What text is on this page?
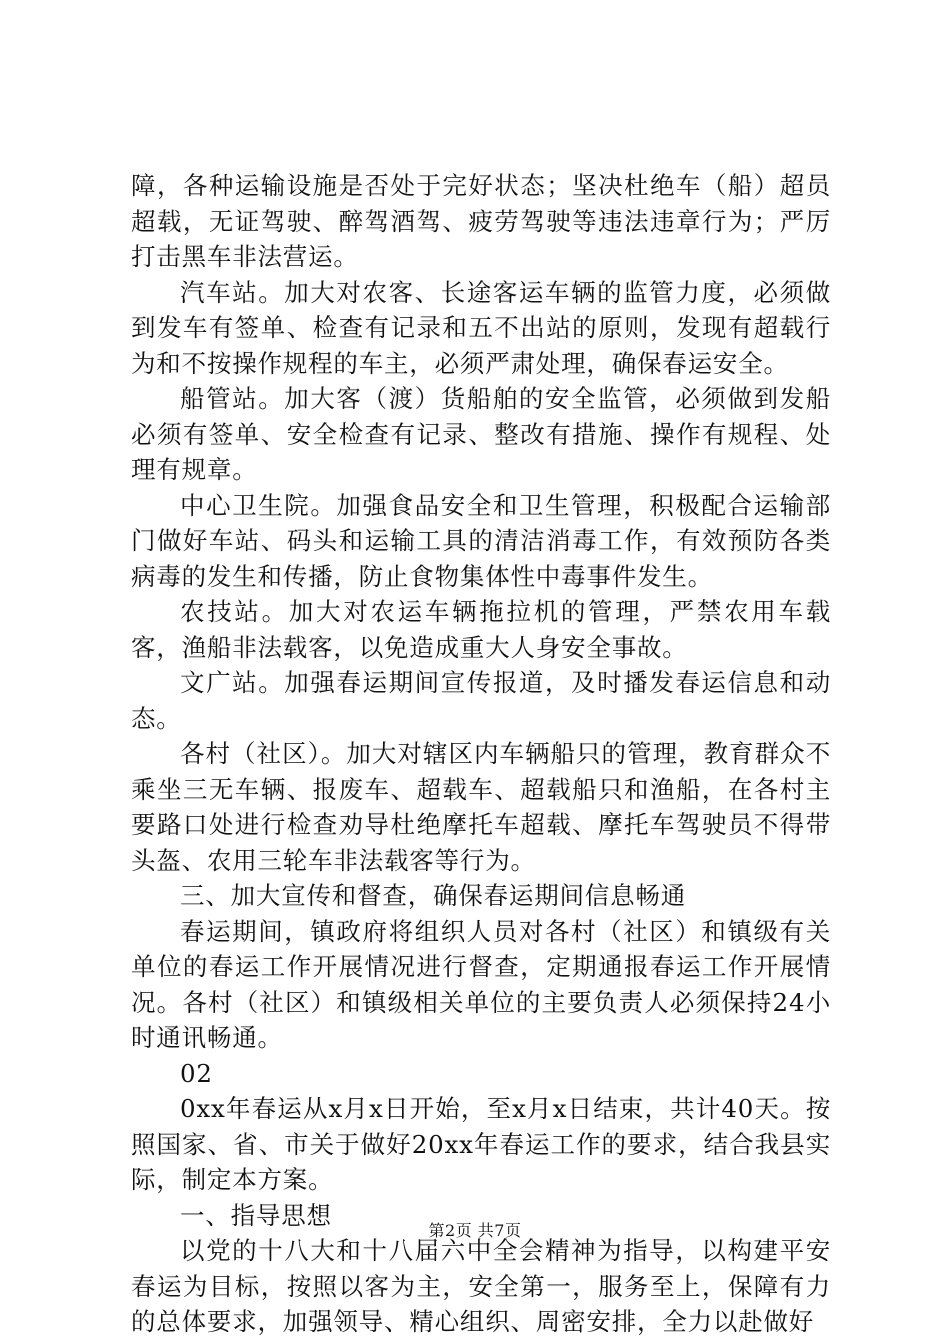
障，各种运输设施是否处于完好状态；坚决杜绝车（船）超员超载，无证驾驶、醉驾酒驾、疲劳驾驶等违法违章行为；严厉打击黑车非法营运。

汽车站。加大对农客、长途客运车辆的监管力度，必须做到发车有签单、检查有记录和五不出站的原则，发现有超载行为和不按操作规程的车主，必须严肃处理，确保春运安全。

船管站。加大客（渡）货船舶的安全监管，必须做到发船必须有签单、安全检查有记录、整改有措施、操作有规程、处理有规章。

中心卫生院。加强食品安全和卫生管理，积极配合运输部门做好车站、码头和运输工具的清洁消毒工作，有效预防各类病毒的发生和传播，防止食物集体性中毒事件发生。

农技站。加大对农运车辆拖拉机的管理，严禁农用车载客，渔船非法载客，以免造成重大人身安全事故。

文广站。加强春运期间宣传报道，及时播发春运信息和动态。

各村（社区）。加大对辖区内车辆船只的管理，教育群众不乘坐三无车辆、报废车、超载车、超载船只和渔船，在各村主要路口处进行检查劝导杜绝摩托车超载、摩托车驾驶员不得带头盔、农用三轮车非法载客等行为。

三、加大宣传和督查，确保春运期间信息畅通

春运期间，镇政府将组织人员对各村（社区）和镇级有关单位的春运工作开展情况进行督查，定期通报春运工作开展情况。各村（社区）和镇级相关单位的主要负责人必须保持24小时通讯畅通。

02

0xx年春运从x月x日开始，至x月x日结束，共计40天。按照国家、省、市关于做好20xx年春运工作的要求，结合我县实际，制定本方案。

一、指导思想

以党的十八大和十八届六中全会精神为指导，以构建平安春运为目标，按照以客为主，安全第一，服务至上，保障有力的总体要求，加强领导、精心组织、周密安排，全力以赴做好

第2页 共7页
